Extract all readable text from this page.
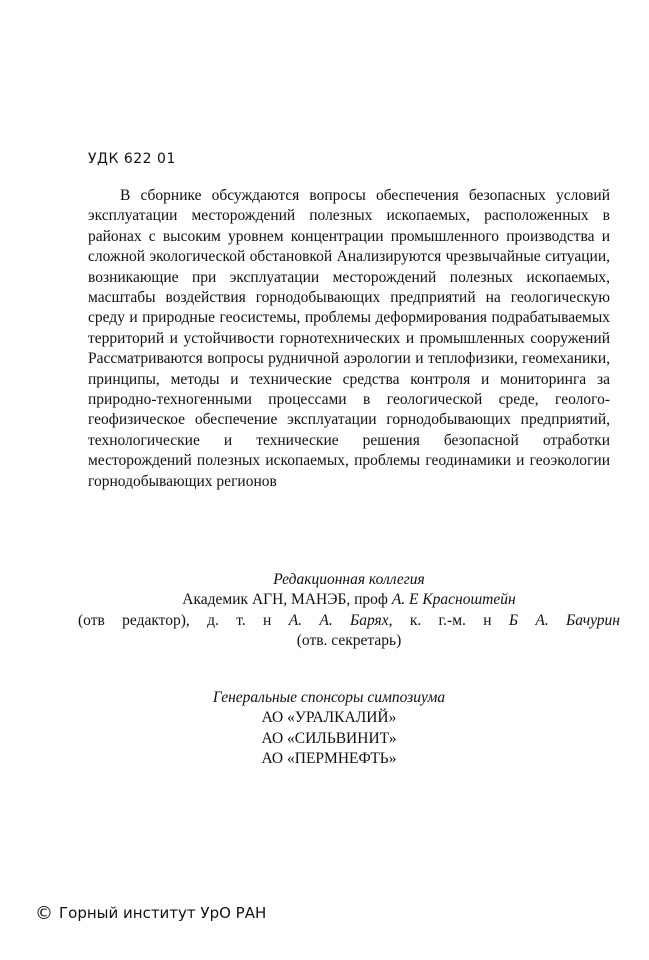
УДК 622 01

В сборнике обсуждаются вопросы обеспечения безопасных условий эксплуатации месторождений полезных ископаемых, расположенных в районах с высоким уровнем концентрации промышленного производства и сложной экологической обстановкой Анализируются чрезвычайные ситуации, возникающие при эксплуатации месторождений полезных ископаемых, масштабы воздействия горнодобывающих предприятий на геологическую среду и природные геосистемы, проблемы деформирования подрабатываемых территорий и устойчивости горнотехнических и промышленных сооружений Рассматриваются вопросы рудничной аэрологии и теплофизики, геомеханики, принципы, методы и технические средства контроля и мониторинга за природно-техногенными процессами в геологической среде, геолого-геофизическое обеспечение эксплуатации горнодобывающих предприятий, технологические и технические решения безопасной отработки месторождений полезных ископаемых, проблемы геодинамики и геоэкологии горнодобывающих регионов

Редакционная коллегия
Академик АГН, МАНЭБ, проф А. Е Красноштейн
(отв редактор), д. т. н А. А. Барях, к. г.-м. н Б А. Бачурин
(отв. секретарь)
Генеральные спонсоры симпозиума
АО «УРАЛКАЛИЙ»
АО «СИЛЬВИНИТ»
АО «ПЕРМНЕФТЬ»
© Горный институт УрО РАН
